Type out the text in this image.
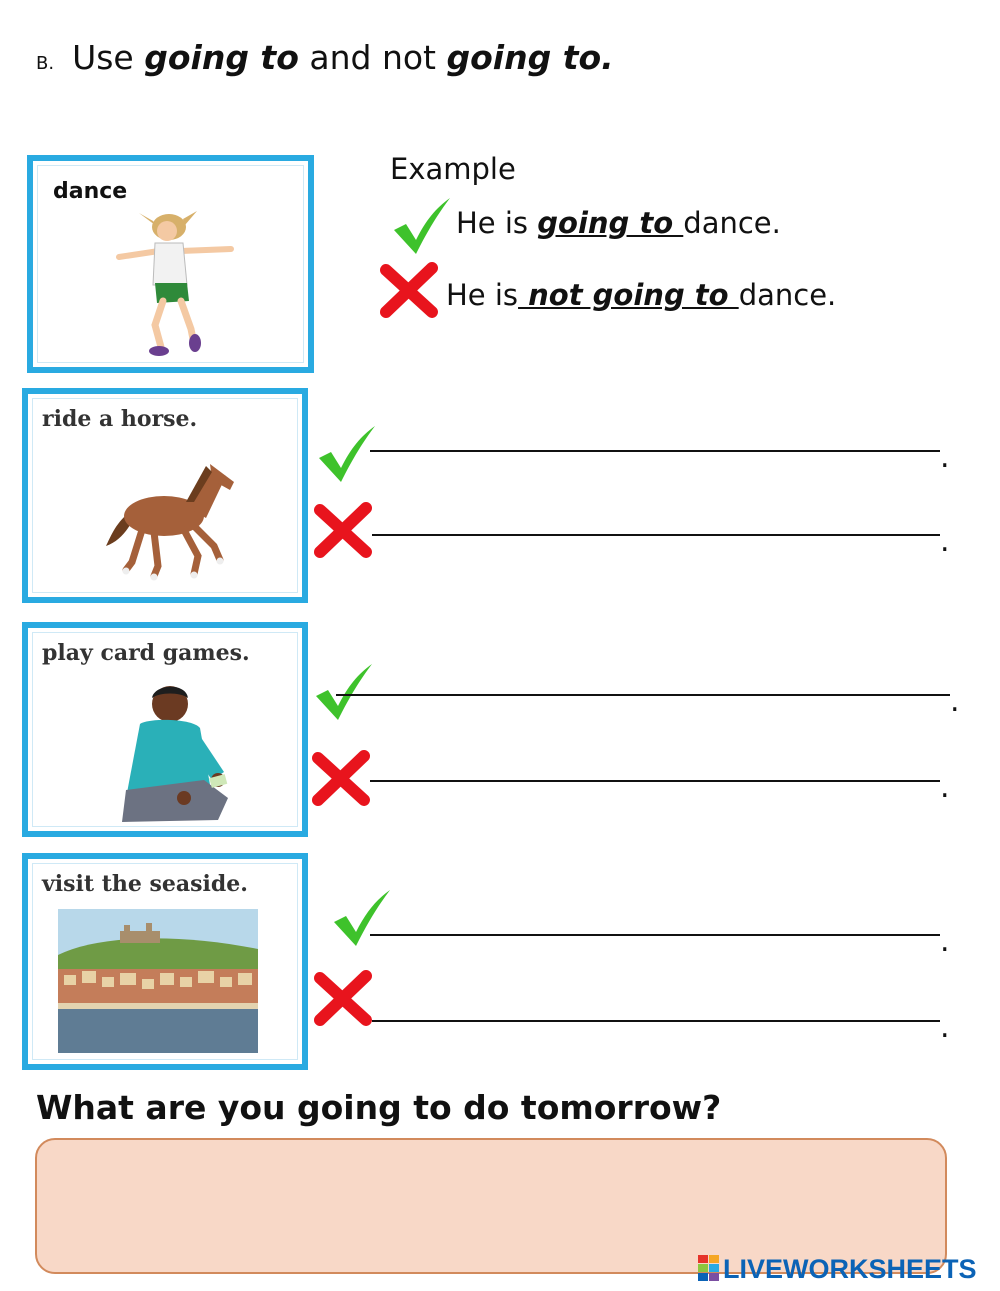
B. Use going to and not going to.
dance
Example
He is going to dance.
He is not going to dance.
ride a horse.
.
.
play card games.
.
.
visit the seaside.
.
.
What are you going to do tomorrow?
LIVEWORKSHEETS
